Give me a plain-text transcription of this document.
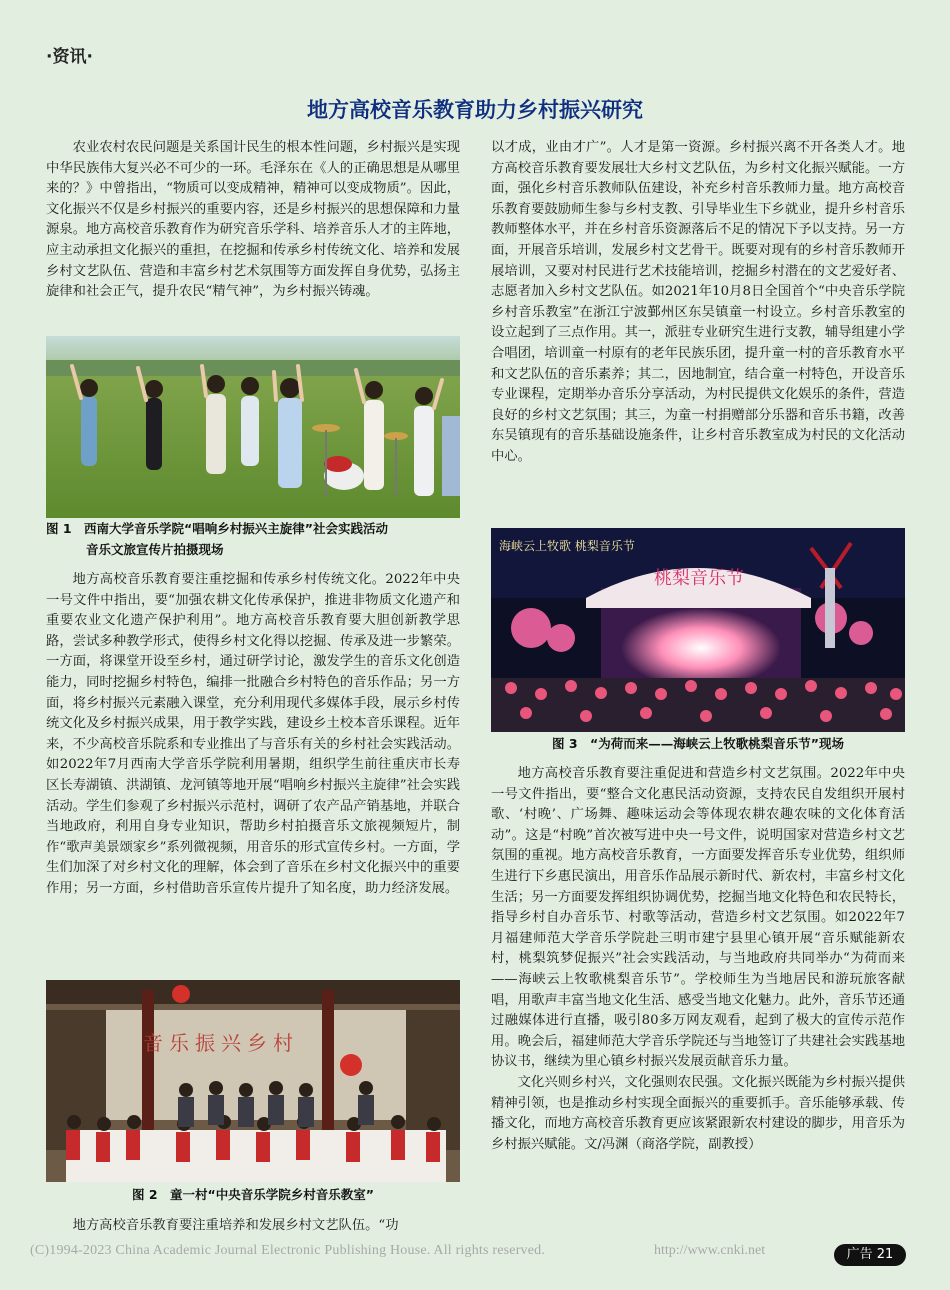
·资讯·
地方高校音乐教育助力乡村振兴研究

农业农村农民问题是关系国计民生的根本性问题，乡村振兴是实现中华民族伟大复兴必不可少的一环。毛泽东在《人的正确思想是从哪里来的？》中曾指出，“物质可以变成精神，精神可以变成物质”。因此，文化振兴不仅是乡村振兴的重要内容，还是乡村振兴的思想保障和力量源泉。地方高校音乐教育作为研究音乐学科、培养音乐人才的主阵地，应主动承担文化振兴的重担，在挖掘和传承乡村传统文化、培养和发展乡村文艺队伍、营造和丰富乡村艺术氛围等方面发挥自身优势，弘扬主旋律和社会正气，提升农民“精气神”，为乡村振兴铸魂。

图 1　西南大学音乐学院“唱响乡村振兴主旋律”社会实践活动
音乐文旅宣传片拍摄现场

地方高校音乐教育要注重挖掘和传承乡村传统文化。2022年中央一号文件中指出，要“加强农耕文化传承保护，推进非物质文化遗产和重要农业文化遗产保护利用”。地方高校音乐教育要大胆创新教学思路，尝试多种教学形式，使得乡村文化得以挖掘、传承及进一步繁荣。一方面，将课堂开设至乡村，通过研学讨论，激发学生的音乐文化创造能力，同时挖掘乡村特色，编排一批融合乡村特色的音乐作品；另一方面，将乡村振兴元素融入课堂，充分利用现代多媒体手段，展示乡村传统文化及乡村振兴成果，用于教学实践，建设乡土校本音乐课程。近年来，不少高校音乐院系和专业推出了与音乐有关的乡村社会实践活动。如2022年7月西南大学音乐学院利用暑期，组织学生前往重庆市长寿区长寿湖镇、洪湖镇、龙河镇等地开展“唱响乡村振兴主旋律”社会实践活动。学生们参观了乡村振兴示范村，调研了农产品产销基地，并联合当地政府，利用自身专业知识，帮助乡村拍摄音乐文旅视频短片，制作“歌声美景颂家乡”系列微视频，用音乐的形式宣传乡村。一方面，学生们加深了对乡村文化的理解，体会到了音乐在乡村文化振兴中的重要作用；另一方面，乡村借助音乐宣传片提升了知名度，助力经济发展。

音乐振兴乡村
图 2　童一村“中央音乐学院乡村音乐教室”

地方高校音乐教育要注重培养和发展乡村文艺队伍。“功

以才成，业由才广”。人才是第一资源。乡村振兴离不开各类人才。地方高校音乐教育要发展壮大乡村文艺队伍，为乡村文化振兴赋能。一方面，强化乡村音乐教师队伍建设，补充乡村音乐教师力量。地方高校音乐教育要鼓励师生参与乡村支教、引导毕业生下乡就业，提升乡村音乐教师整体水平，并在乡村音乐资源落后不足的情况下予以支持。另一方面，开展音乐培训，发展乡村文艺骨干。既要对现有的乡村音乐教师开展培训，又要对村民进行艺术技能培训，挖掘乡村潜在的文艺爱好者、志愿者加入乡村文艺队伍。如2021年10月8日全国首个“中央音乐学院乡村音乐教室”在浙江宁波鄞州区东吴镇童一村设立。乡村音乐教室的设立起到了三点作用。其一，派驻专业研究生进行支教，辅导组建小学合唱团，培训童一村原有的老年民族乐团，提升童一村的音乐教育水平和文艺队伍的音乐素养；其二，因地制宜，结合童一村特色，开设音乐专业课程，定期举办音乐分享活动，为村民提供文化娱乐的条件，营造良好的乡村文艺氛围；其三，为童一村捐赠部分乐器和音乐书籍，改善东吴镇现有的音乐基础设施条件，让乡村音乐教室成为村民的文化活动中心。

桃梨音乐节
海峡云上牧歌 桃梨音乐节
图 3　“为荷而来——海峡云上牧歌桃梨音乐节”现场

地方高校音乐教育要注重促进和营造乡村文艺氛围。2022年中央一号文件指出，要“整合文化惠民活动资源，支持农民自发组织开展村歌、‘村晚’、广场舞、趣味运动会等体现农耕农趣农味的文化体育活动”。这是“村晚”首次被写进中央一号文件，说明国家对营造乡村文艺氛围的重视。地方高校音乐教育，一方面要发挥音乐专业优势，组织师生进行下乡惠民演出，用音乐作品展示新时代、新农村，丰富乡村文化生活；另一方面要发挥组织协调优势，挖掘当地文化特色和农民特长，指导乡村自办音乐节、村歌等活动，营造乡村文艺氛围。如2022年7月福建师范大学音乐学院赴三明市建宁县里心镇开展“音乐赋能新农村，桃梨筑梦促振兴”社会实践活动，与当地政府共同举办“为荷而来——海峡云上牧歌桃梨音乐节”。学校师生为当地居民和游玩旅客献唱，用歌声丰富当地文化生活、感受当地文化魅力。此外，音乐节还通过融媒体进行直播，吸引80多万网友观看，起到了极大的宣传示范作用。晚会后，福建师范大学音乐学院还与当地签订了共建社会实践基地协议书，继续为里心镇乡村振兴发展贡献音乐力量。

文化兴则乡村兴，文化强则农民强。文化振兴既能为乡村振兴提供精神引领，也是推动乡村实现全面振兴的重要抓手。音乐能够承载、传播文化，而地方高校音乐教育更应该紧跟新农村建设的脚步，用音乐为乡村振兴赋能。文/冯渊（商洛学院，副教授）

(C)1994-2023 China Academic Journal Electronic Publishing House. All rights reserved.	http://www.cnki.net	广告 21
